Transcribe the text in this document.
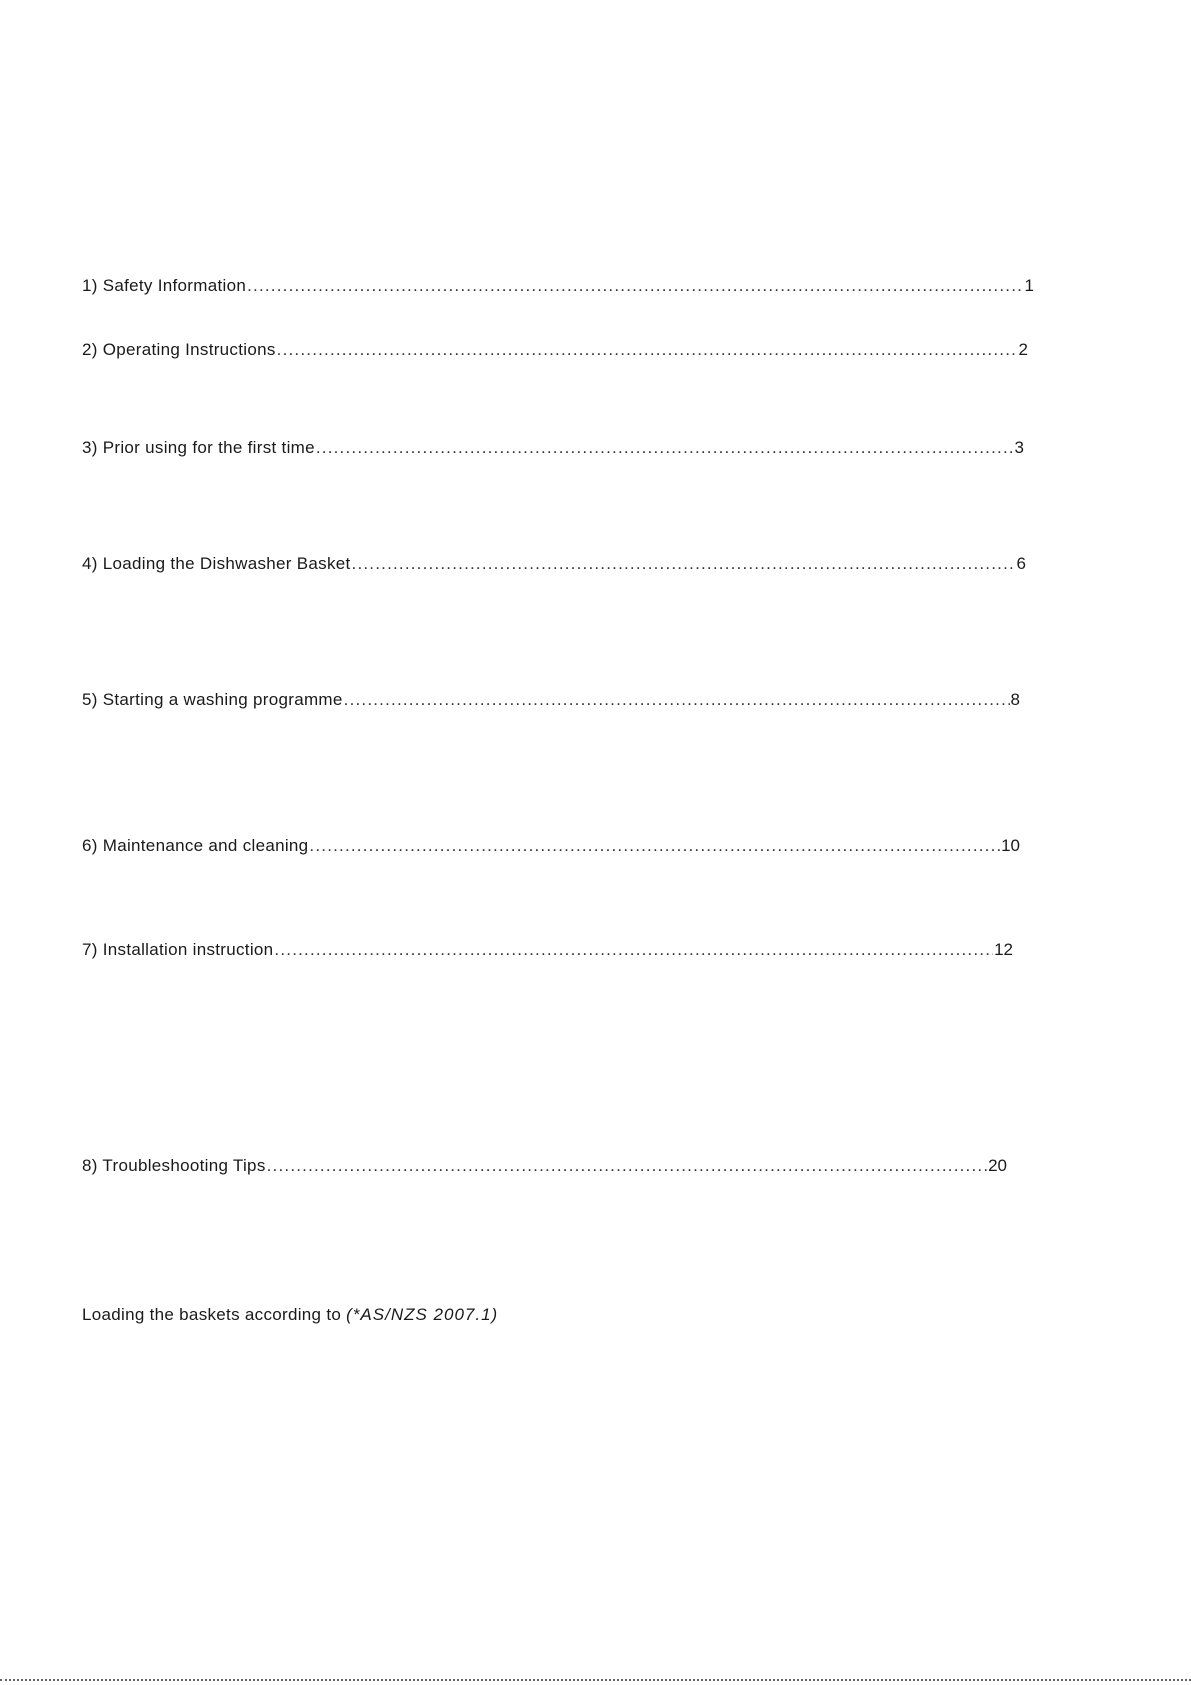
1) Safety Information .....	1
2) Operating Instructions .....	2
3) Prior using for the first time .....	3
4) Loading the Dishwasher Basket .....	6
5) Starting a washing programme .....	8
6) Maintenance and cleaning .....	10
7) Installation instruction .....	12
8) Troubleshooting Tips .....	20
Loading the baskets according to (*AS/NZS 2007.1)
